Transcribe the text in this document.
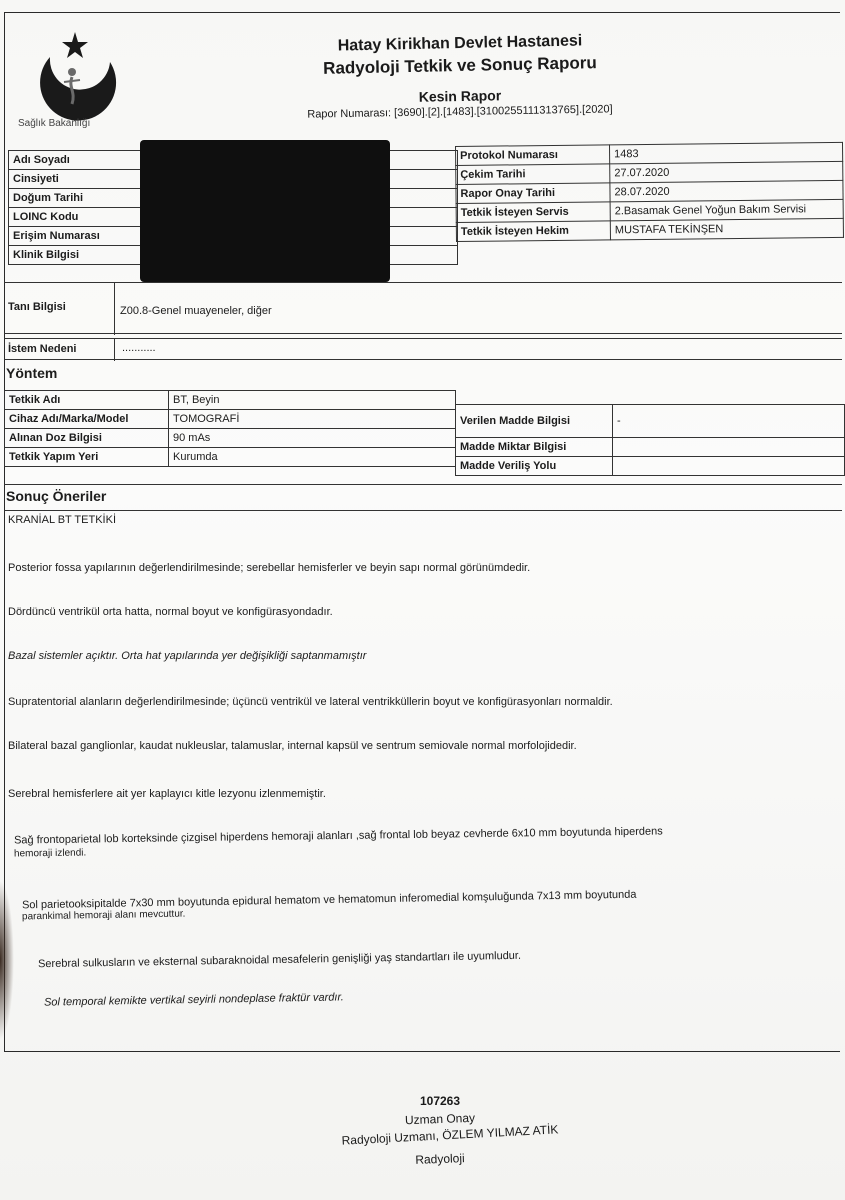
Sağlık Bakanlığı
Hatay Kirikhan Devlet Hastanesi
Radyoloji Tetkik ve Sonuç Raporu
Kesin Rapor
Rapor Numarası: [3690].[2].[1483].[3100255111313765].[2020]
Adı Soyadı	
Cinsiyeti	
Doğum Tarihi	
LOINC Kodu	
Erişim Numarası	
Klinik Bilgisi	
Protokol Numarası	1483
Çekim Tarihi	27.07.2020
Rapor Onay Tarihi	28.07.2020
Tetkik İsteyen Servis	2.Basamak Genel Yoğun Bakım Servisi
Tetkik İsteyen Hekim	MUSTAFA TEKİNŞEN
Tanı Bilgisi	Z00.8-Genel muayeneler, diğer
İstem Nedeni	...........
Yöntem
Tetkik Adı	BT, Beyin
Cihaz Adı/Marka/Model	TOMOGRAFİ
Alınan Doz Bilgisi	90 mAs
Tetkik Yapım Yeri	Kurumda
Verilen Madde Bilgisi	-
Madde Miktar Bilgisi	
Madde Veriliş Yolu	
Sonuç Öneriler
KRANİAL BT TETKİKİ
Posterior fossa yapılarının değerlendirilmesinde; serebellar hemisferler ve beyin sapı normal görünümdedir.
Dördüncü ventrikül orta hatta, normal boyut ve konfigürasyondadır.
Bazal sistemler açıktır. Orta hat yapılarında yer değişikliği saptanmamıştır
Supratentorial alanların değerlendirilmesinde; üçüncü ventrikül ve lateral ventrikküllerin boyut ve konfigürasyonları normaldir.
Bilateral bazal ganglionlar, kaudat nukleuslar, talamuslar, internal kapsül ve sentrum semiovale normal morfolojidedir.
Serebral hemisferlere ait yer kaplayıcı kitle lezyonu izlenmemiştir.
Sağ frontoparietal lob korteksinde çizgisel hiperdens hemoraji alanları ,sağ frontal lob beyaz cevherde 6x10 mm boyutunda hiperdens
hemoraji izlendi.
Sol parietooksipitalde 7x30 mm boyutunda epidural hematom ve hematomun inferomedial komşuluğunda 7x13 mm boyutunda
parankimal hemoraji alanı mevcuttur.
Serebral sulkusların ve eksternal subaraknoidal mesafelerin genişliği yaş standartları ile uyumludur.
Sol temporal kemikte vertikal seyirli nondeplase fraktür vardır.
107263
Uzman Onay
Radyoloji Uzmanı, ÖZLEM YILMAZ ATİK
Radyoloji
